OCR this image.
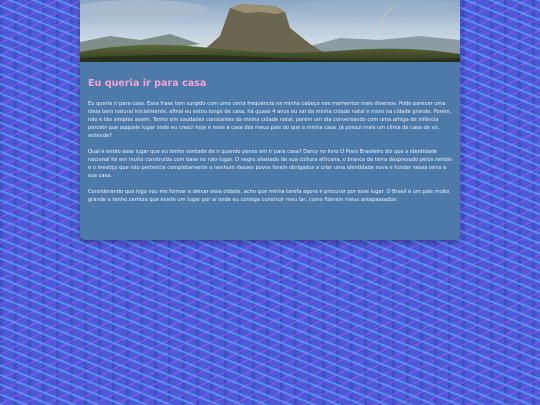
Eu queria ir para casa

Eu queria ir para casa. Essa frase tem surgido com uma certa frequência na minha cabeça nos momentos mais diversos. Pode parecer uma ideia bem natural inicialmente, afinal eu estou longe de casa, há quase 4 anos eu sai da minha cidade natal e moro na cidade grande. Porém, não é tão simples assim. Tenho sim saudades constantes da minha cidade natal, porém um dia conversando com uma amiga de infância percebi que aqquele lugar onde eu cresci hoje é mais a casa dos meus pais do que a minha casa. Já possui mais um clima de casa de vó, entende?

Qual é então esse lugar que eu tenho vontade de ir quando penso em ir para casa? Darcy no livro O Povo Brasileiro diz que a identidade nacional foi em muito construída com base no não-lugar. O negro afastado de sua cultura africana, o branco da terra desprezado pelos reinóis e o mestiço que não pertencia completamente a nenhum desses povos foram obrigados a criar uma identidade nova e fundar nessa terra a sua casa.

Considerando que logo vou me formar e deixar essa cidade, acho que minha tarefa agora é procurar por esse lugar. O Brasil é um país muito grande e tenho certeza que existe um lugar por aí onde eu consiga construir meu lar, como fizeram meus antepassados.
